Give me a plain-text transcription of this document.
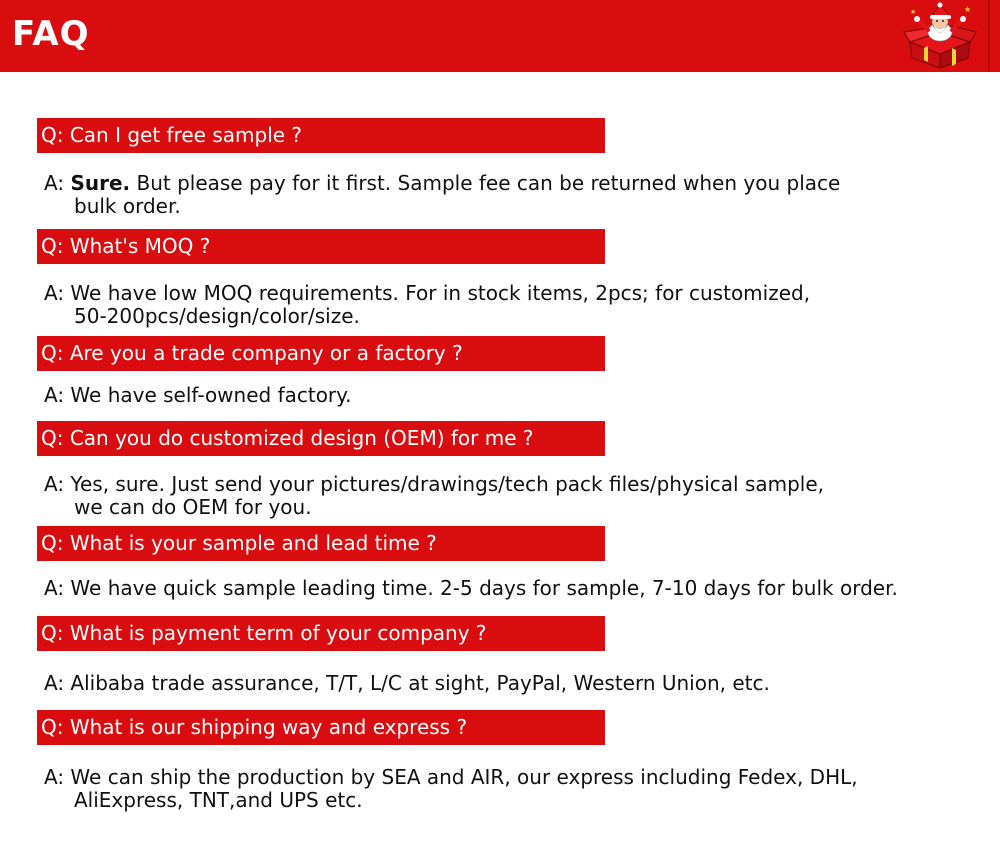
FAQ
★
★
Q: Can I get free sample ?
A: Sure. But please pay for it first. Sample fee can be returned when you place
bulk order.
Q: What's MOQ ?
A: We have low MOQ requirements. For in stock items, 2pcs; for customized,
50-200pcs/design/color/size.
Q: Are you a trade company or a factory ?
A: We have self-owned factory.
Q: Can you do customized design (OEM) for me ?
A: Yes, sure. Just send your pictures/drawings/tech pack files/physical sample,
we can do OEM for you.
Q: What is your sample and lead time ?
A: We have quick sample leading time. 2-5 days for sample, 7-10 days for bulk order.
Q: What is payment term of your company ?
A: Alibaba trade assurance, T/T, L/C at sight, PayPal, Western Union, etc.
Q: What is our shipping way and express ?
A: We can ship the production by SEA and AIR, our express including Fedex, DHL,
AliExpress, TNT,and UPS etc.
